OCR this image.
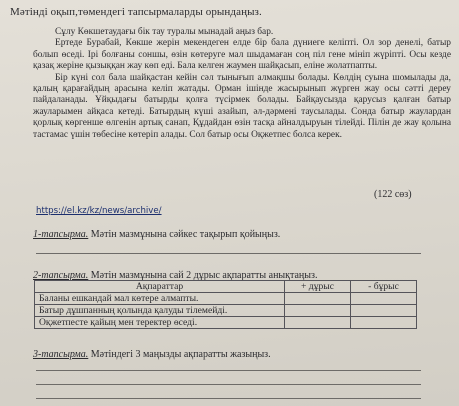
Мәтінді оқып,төмендегі тапсырмаларды орындаңыз.

Сұлу Көкшетаудағы бік тау туралы мынадай аңыз бар.

Ертеде Бурабай, Көкше жерін мекендеген елде бір бала дүниеге келіпті. Ол зор денелі, батыр болып өседі. Ірі болғаны соншы, өзін көтеруге мал шыдамаған соң піл гене мініп жүріпті. Осы кезде қазақ жеріне қызыққан жау көп еді. Бала келген жаумен шайқасып, еліне жолатпапты.

Бір күні сол бала шайқастан кейін сәл тынығып алмақшы болады. Көлдің суына шомылады да, қалың қарағайдың арасына келіп жатады. Орман ішінде жасырынып жүрген жау осы сәтті дереу пайдаланады. Ұйқыдағы батырды қолға түсірмек болады. Байқаусызда қарусыз қалған батыр жауларымен айқаса кетеді. Батырдың күші азайып, әл-дәрмені таусылады. Сонда батыр жаулардан қорлық көргенше өлгенін артық санап, Құдайдан өзін тасқа айналдыруын тілейді. Пілін де жау қолына тастамас үшін төбесіне көтеріп алады. Сол батыр осы Оқжетпес болса керек.

(122 сөз)
https://el.kz/kz/news/archive/
1-тапсырма. Мәтін мазмұнына сәйкес тақырып қойыңыз.
2-тапсырма. Мәтін мазмұнына сай 2 дұрыс ақпаратты анықтаңыз.
Ақпараттар	+ дұрыс	- бұрыс
Баланы ешкандай мал көтере алмапты.		
Батыр дұшпанның қолында қалуды тілемейді.		
Оқжетпесте қайың мен теректер өседі.		
3-тапсырма. Мәтіндегі 3 маңызды ақпаратты жазыңыз.
